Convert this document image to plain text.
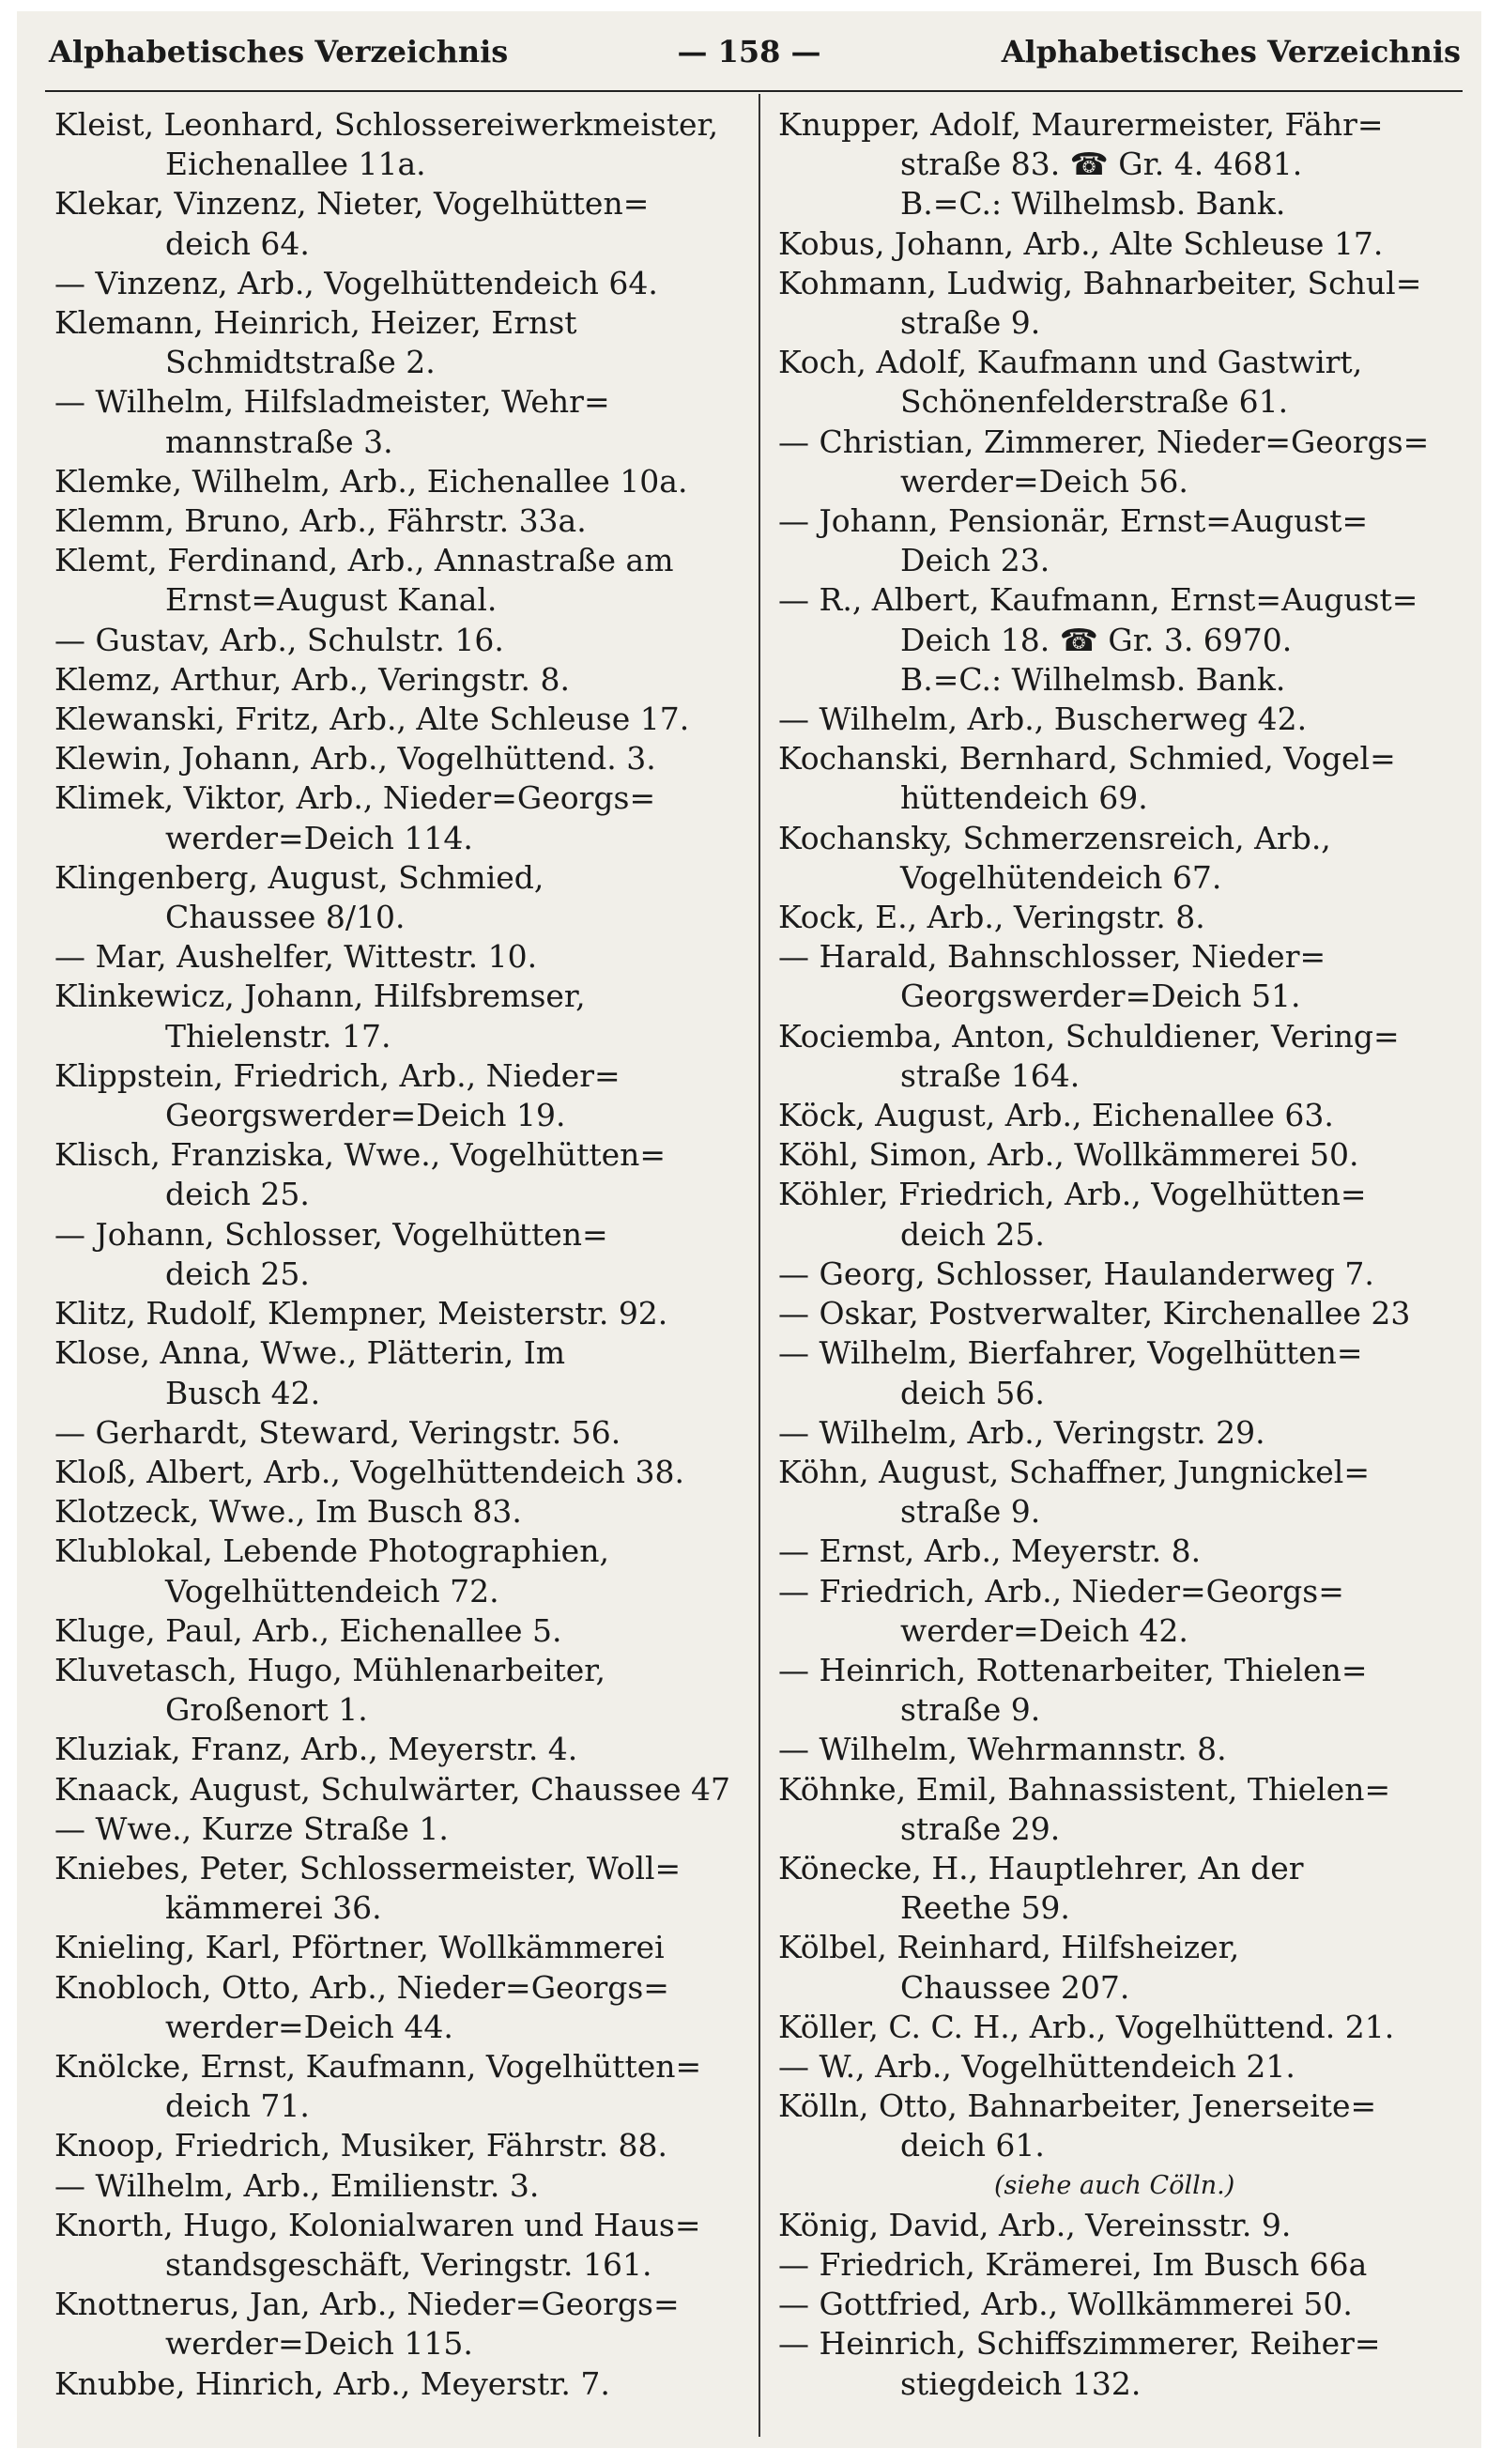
Alphabetisches Verzeichnis	— 158 —	Alphabetisches Verzeichnis
Kleist, Leonhard, Schlossereiwerkmeister,
Eichenallee 11a.
Klekar, Vinzenz, Nieter, Vogelhütten=
deich 64.
— Vinzenz, Arb., Vogelhüttendeich 64.
Klemann, Heinrich, Heizer, Ernst
Schmidtstraße 2.
— Wilhelm, Hilfsladmeister, Wehr=
mannstraße 3.
Klemke, Wilhelm, Arb., Eichenallee 10a.
Klemm, Bruno, Arb., Fährstr. 33a.
Klemt, Ferdinand, Arb., Annastraße am
Ernst=August Kanal.
— Gustav, Arb., Schulstr. 16.
Klemz, Arthur, Arb., Veringstr. 8.
Klewanski, Fritz, Arb., Alte Schleuse 17.
Klewin, Johann, Arb., Vogelhüttend. 3.
Klimek, Viktor, Arb., Nieder=Georgs=
werder=Deich 114.
Klingenberg, August, Schmied,
Chaussee 8/10.
— Mar, Aushelfer, Wittestr. 10.
Klinkewicz, Johann, Hilfsbremser,
Thielenstr. 17.
Klippstein, Friedrich, Arb., Nieder=
Georgswerder=Deich 19.
Klisch, Franziska, Wwe., Vogelhütten=
deich 25.
— Johann, Schlosser, Vogelhütten=
deich 25.
Klitz, Rudolf, Klempner, Meisterstr. 92.
Klose, Anna, Wwe., Plätterin, Im
Busch 42.
— Gerhardt, Steward, Veringstr. 56.
Kloß, Albert, Arb., Vogelhüttendeich 38.
Klotzeck, Wwe., Im Busch 83.
Klublokal, Lebende Photographien,
Vogelhüttendeich 72.
Kluge, Paul, Arb., Eichenallee 5.
Kluvetasch, Hugo, Mühlenarbeiter,
Großenort 1.
Kluziak, Franz, Arb., Meyerstr. 4.
Knaack, August, Schulwärter, Chaussee 47
— Wwe., Kurze Straße 1.
Kniebes, Peter, Schlossermeister, Woll=
kämmerei 36.
Knieling, Karl, Pförtner, Wollkämmerei
Knobloch, Otto, Arb., Nieder=Georgs=
werder=Deich 44.
Knölcke, Ernst, Kaufmann, Vogelhütten=
deich 71.
Knoop, Friedrich, Musiker, Fährstr. 88.
— Wilhelm, Arb., Emilienstr. 3.
Knorth, Hugo, Kolonialwaren und Haus=
standsgeschäft, Veringstr. 161.
Knottnerus, Jan, Arb., Nieder=Georgs=
werder=Deich 115.
Knubbe, Hinrich, Arb., Meyerstr. 7.
Knupper, Adolf, Maurermeister, Fähr=
straße 83. ☎ Gr. 4. 4681.
B.=C.: Wilhelmsb. Bank.
Kobus, Johann, Arb., Alte Schleuse 17.
Kohmann, Ludwig, Bahnarbeiter, Schul=
straße 9.
Koch, Adolf, Kaufmann und Gastwirt,
Schönenfelderstraße 61.
— Christian, Zimmerer, Nieder=Georgs=
werder=Deich 56.
— Johann, Pensionär, Ernst=August=
Deich 23.
— R., Albert, Kaufmann, Ernst=August=
Deich 18. ☎ Gr. 3. 6970.
B.=C.: Wilhelmsb. Bank.
— Wilhelm, Arb., Buscherweg 42.
Kochanski, Bernhard, Schmied, Vogel=
hüttendeich 69.
Kochansky, Schmerzensreich, Arb.,
Vogelhütendeich 67.
Kock, E., Arb., Veringstr. 8.
— Harald, Bahnschlosser, Nieder=
Georgswerder=Deich 51.
Kociemba, Anton, Schuldiener, Vering=
straße 164.
Köck, August, Arb., Eichenallee 63.
Köhl, Simon, Arb., Wollkämmerei 50.
Köhler, Friedrich, Arb., Vogelhütten=
deich 25.
— Georg, Schlosser, Haulanderweg 7.
— Oskar, Postverwalter, Kirchenallee 23
— Wilhelm, Bierfahrer, Vogelhütten=
deich 56.
— Wilhelm, Arb., Veringstr. 29.
Köhn, August, Schaffner, Jungnickel=
straße 9.
— Ernst, Arb., Meyerstr. 8.
— Friedrich, Arb., Nieder=Georgs=
werder=Deich 42.
— Heinrich, Rottenarbeiter, Thielen=
straße 9.
— Wilhelm, Wehrmannstr. 8.
Köhnke, Emil, Bahnassistent, Thielen=
straße 29.
Könecke, H., Hauptlehrer, An der
Reethe 59.
Kölbel, Reinhard, Hilfsheizer,
Chaussee 207.
Köller, C. C. H., Arb., Vogelhüttend. 21.
— W., Arb., Vogelhüttendeich 21.
Kölln, Otto, Bahnarbeiter, Jenerseite=
deich 61.
(siehe auch Cölln.)
König, David, Arb., Vereinsstr. 9.
— Friedrich, Krämerei, Im Busch 66a
— Gottfried, Arb., Wollkämmerei 50.
— Heinrich, Schiffszimmerer, Reiher=
stiegdeich 132.
